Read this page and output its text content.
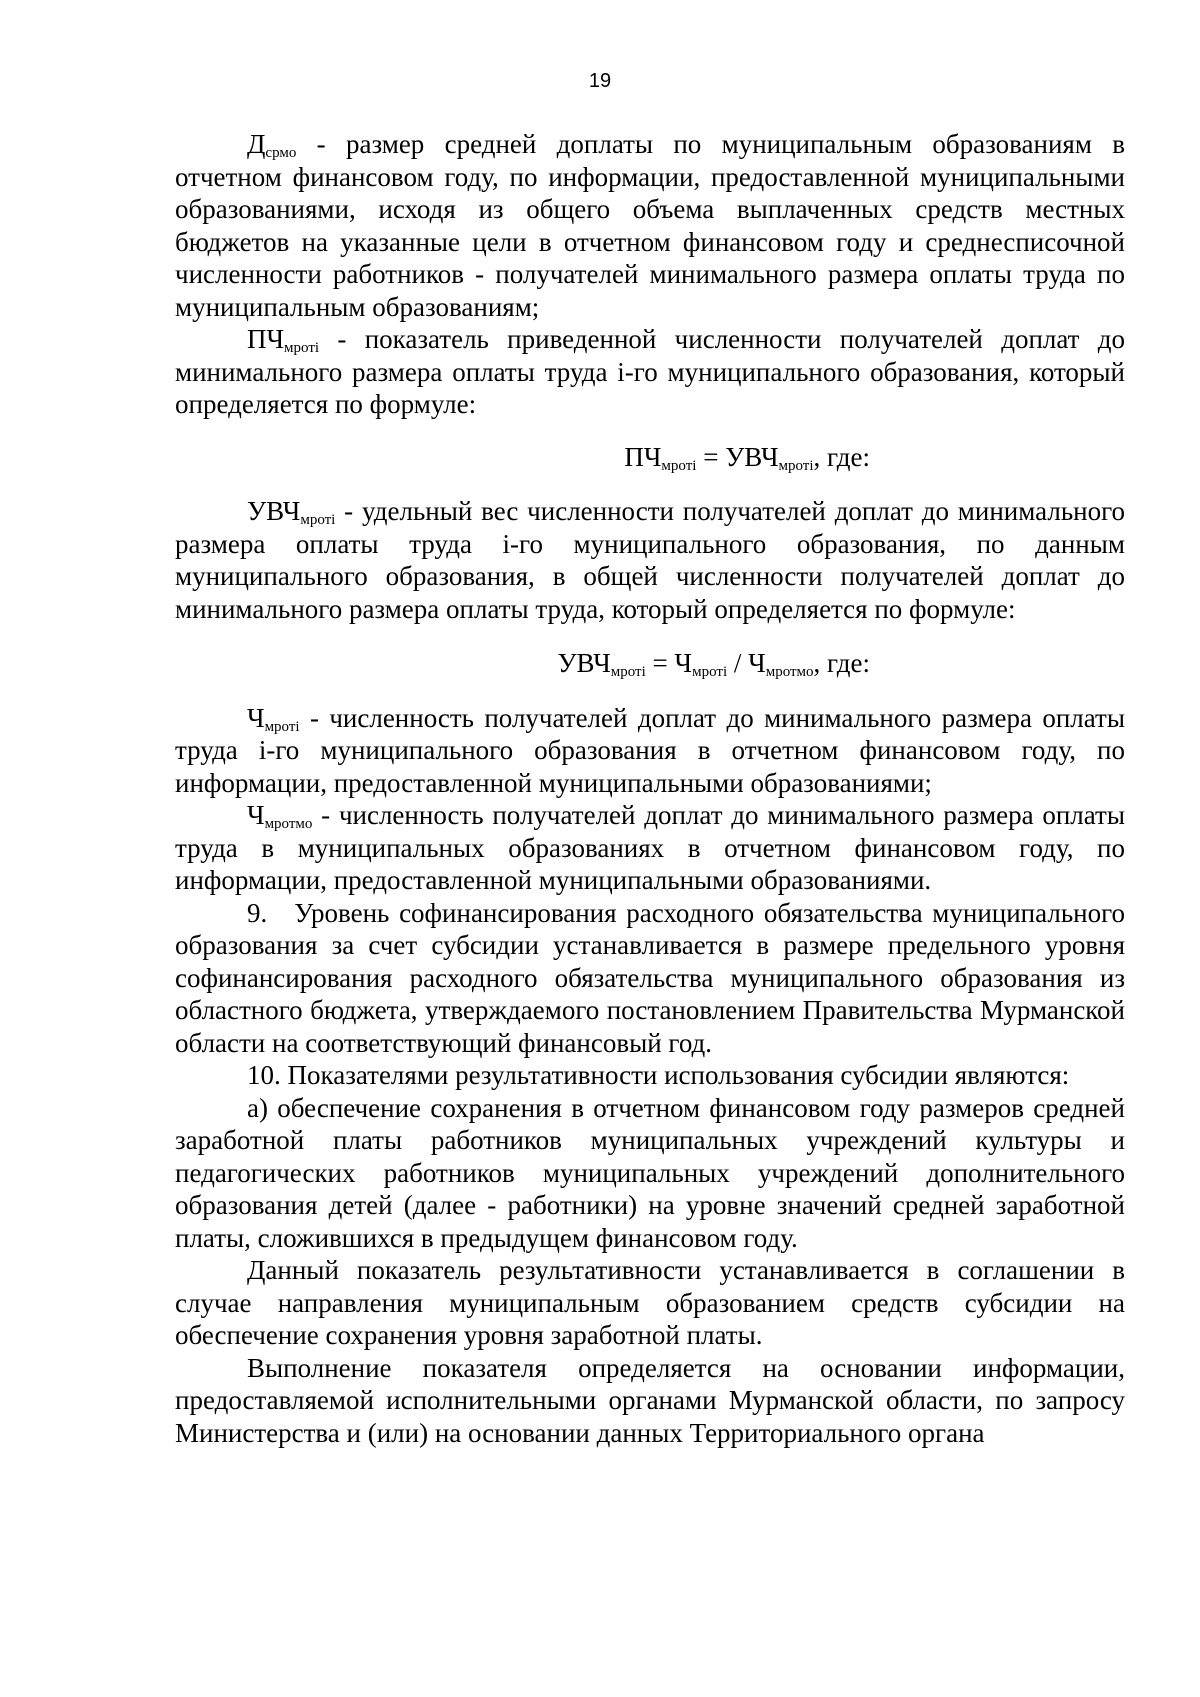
19

$Д_{срмо}$ - размер средней доплаты по муниципальным образованиям в отчетном финансовом году, по информации, предоставленной муниципальными образованиями, исходя из общего объема выплаченных средств местных бюджетов на указанные цели в отчетном финансовом году и среднесписочной численности работников - получателей минимального размера оплаты труда по муниципальным образованиям;

$ПЧ_{мротi}$ - показатель приведенной численности получателей доплат до минимального размера оплаты труда i-го муниципального образования, который определяется по формуле:

$ПЧ_{мротi} = УВЧ_{мротi}$, где:

$УВЧ_{мротi}$ - удельный вес численности получателей доплат до минимального размера оплаты труда i-го муниципального образования, по данным муниципального образования, в общей численности получателей доплат до минимального размера оплаты труда, который определяется по формуле:

$УВЧ_{мротi} = Ч_{мротi} / Ч_{мротмо}$, где:

$Ч_{мротi}$ - численность получателей доплат до минимального размера оплаты труда i-го муниципального образования в отчетном финансовом году, по информации, предоставленной муниципальными образованиями;

$Ч_{мротмо}$ - численность получателей доплат до минимального размера оплаты труда в муниципальных образованиях в отчетном финансовом году, по информации, предоставленной муниципальными образованиями.

9. Уровень софинансирования расходного обязательства муниципального образования за счет субсидии устанавливается в размере предельного уровня софинансирования расходного обязательства муниципального образования из областного бюджета, утверждаемого постановлением Правительства Мурманской области на соответствующий финансовый год.

10. Показателями результативности использования субсидии являются:

а) обеспечение сохранения в отчетном финансовом году размеров средней заработной платы работников муниципальных учреждений культуры и педагогических работников муниципальных учреждений дополнительного образования детей (далее - работники) на уровне значений средней заработной платы, сложившихся в предыдущем финансовом году.

Данный показатель результативности устанавливается в соглашении в случае направления муниципальным образованием средств субсидии на обеспечение сохранения уровня заработной платы.

Выполнение показателя определяется на основании информации, предоставляемой исполнительными органами Мурманской области, по запросу Министерства и (или) на основании данных Территориального органа
